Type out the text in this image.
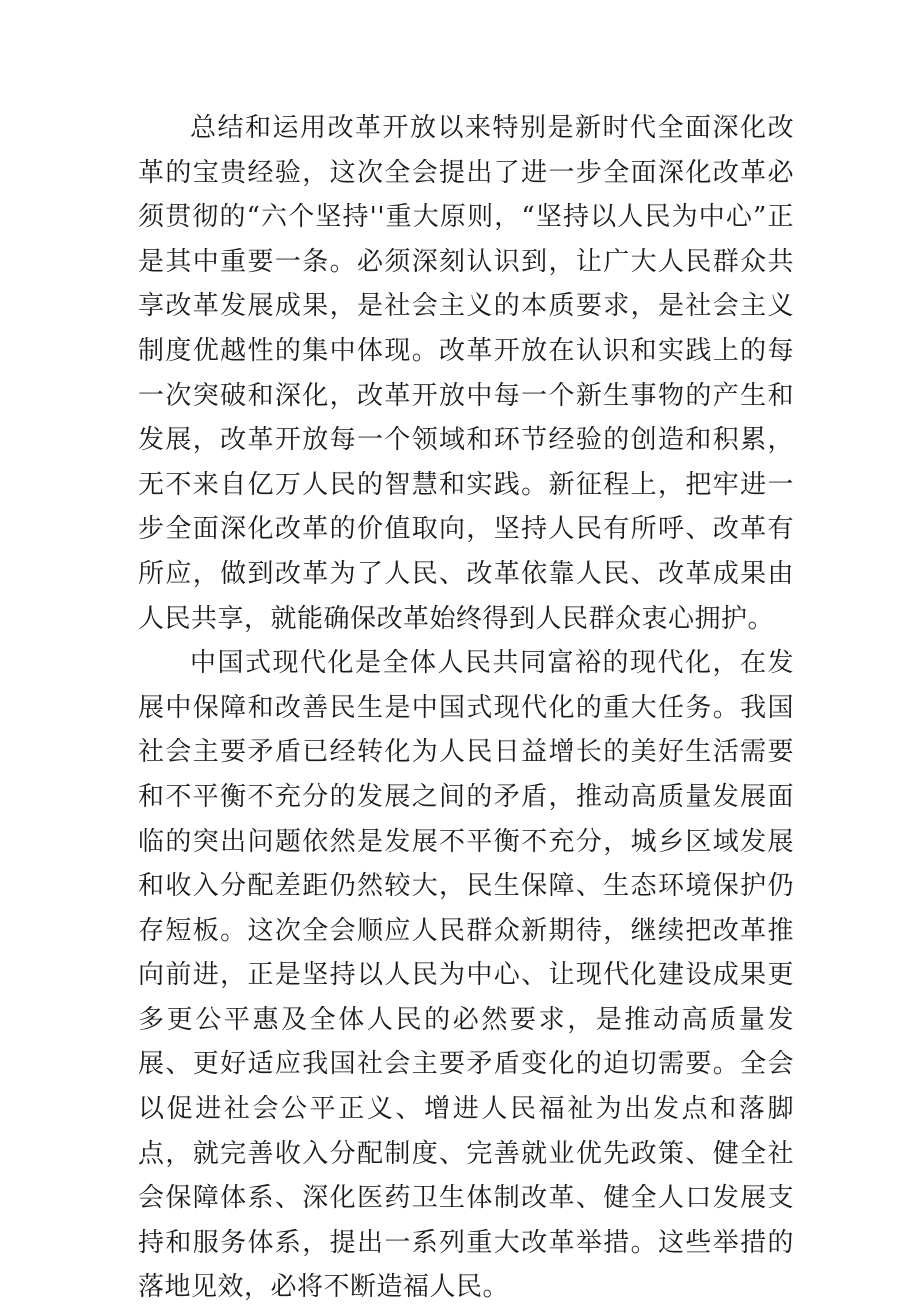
总结和运用改革开放以来特别是新时代全面深化改革的宝贵经验，这次全会提出了进一步全面深化改革必须贯彻的“六个坚持''重大原则，“坚持以人民为中心”正是其中重要一条。必须深刻认识到，让广大人民群众共享改革发展成果，是社会主义的本质要求，是社会主义制度优越性的集中体现。改革开放在认识和实践上的每一次突破和深化，改革开放中每一个新生事物的产生和发展，改革开放每一个领域和环节经验的创造和积累，无不来自亿万人民的智慧和实践。新征程上，把牢进一步全面深化改革的价值取向，坚持人民有所呼、改革有所应，做到改革为了人民、改革依靠人民、改革成果由人民共享，就能确保改革始终得到人民群众衷心拥护。

中国式现代化是全体人民共同富裕的现代化，在发展中保障和改善民生是中国式现代化的重大任务。我国社会主要矛盾已经转化为人民日益增长的美好生活需要和不平衡不充分的发展之间的矛盾，推动高质量发展面临的突出问题依然是发展不平衡不充分，城乡区域发展和收入分配差距仍然较大，民生保障、生态环境保护仍存短板。这次全会顺应人民群众新期待，继续把改革推向前进，正是坚持以人民为中心、让现代化建设成果更多更公平惠及全体人民的必然要求，是推动高质量发展、更好适应我国社会主要矛盾变化的迫切需要。全会以促进社会公平正义、增进人民福祉为出发点和落脚点，就完善收入分配制度、完善就业优先政策、健全社会保障体系、深化医药卫生体制改革、健全人口发展支持和服务体系，提出一系列重大改革举措。这些举措的落地见效，必将不断造福人民。
